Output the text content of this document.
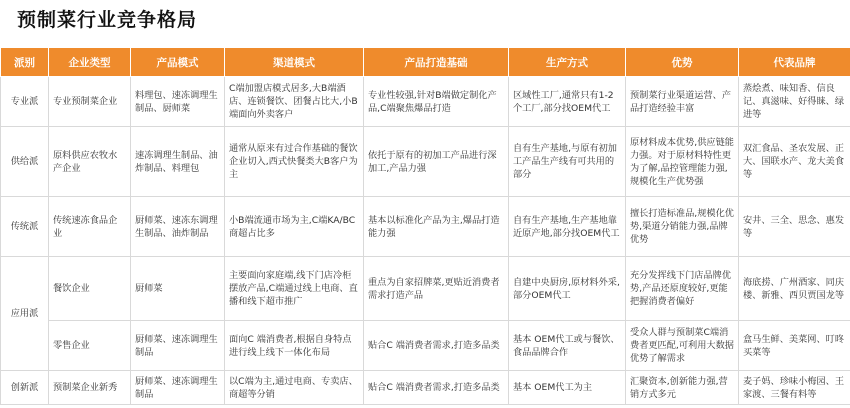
预制菜行业竞争格局
派别	企业类型	产品模式	渠道模式	产品打造基础	生产方式	优势	代表品牌
专业派	专业预制菜企业	料理包、速冻调理生制品、厨师菜	C端加盟店模式居多,大B端酒店、连锁餐饮、团餐占比大,小B端面向外卖客户	专业性较强,针对B端做定制化产品,C端聚焦爆品打造	区域性工厂,通常只有1-2个工厂,部分找OEM代工	预制菜行业渠道运营、产品打造经验丰富	蒸烩煮、味知香、信良记、真滋味、好得睐、绿进等
供给派	原料供应农牧水产企业	速冻调理生制品、油炸制品、料理包	通常从原来有过合作基础的餐饮企业切入,西式快餐类大B客户为主	依托于原有的初加工产品进行深加工,产品力强	自有生产基地,与原有初加工产品生产线有可共用的部分	原材料成本优势,供应链能力强。对于原材料特性更为了解,品控管理能力强,规模化生产优势强	双汇食品、圣农发展、正大、国联水产、龙大美食等
传统派	传统速冻食品企业	厨师菜、速冻东调理生制品、油炸制品	小B端流通市场为主,C端KA/BC 商超占比多	基本以标准化产品为主,爆品打造能力强	自有生产基地,生产基地靠近原产地,部分找OEM代工	擅长打造标准品,规模化优势,渠道分销能力强,品牌优势	安井、三全、思念、惠发等
应用派	餐饮企业	厨师菜	主要面向家庭端,线下门店冷柜摆放产品,C端通过线上电商、直播和线下超市推广	重点为自家招牌菜,更贴近消费者需求打造产品	自建中央厨房,原材料外采,部分OEM代工	充分发挥线下门店品牌优势,产品还原度较好,更能把握消费者偏好	海底捞、广州酒家、同庆楼、新雅、西贝贾国龙等
	零售企业	厨师菜、速冻调理生制品	面向C 端消费者,根据自身特点进行线上线下一体化布局	贴合C 端消费者需求,打造多品类	基本 OEM代工或与餐饮、食品品牌合作	受众人群与预制菜C端消费者更匹配,可利用大数据优势了解需求	盒马生鲜、美菜网、叮咚买菜等
创新派	预制菜企业新秀	厨师菜、速冻调理生制品	以C端为主,通过电商、专卖店、商超等分销	贴合C 端消费者需求,打造多品类	基本 OEM代工为主	汇聚资本,创新能力强,营销方式多元	麦子妈、珍味小梅园、王家渡、三餐有料等
